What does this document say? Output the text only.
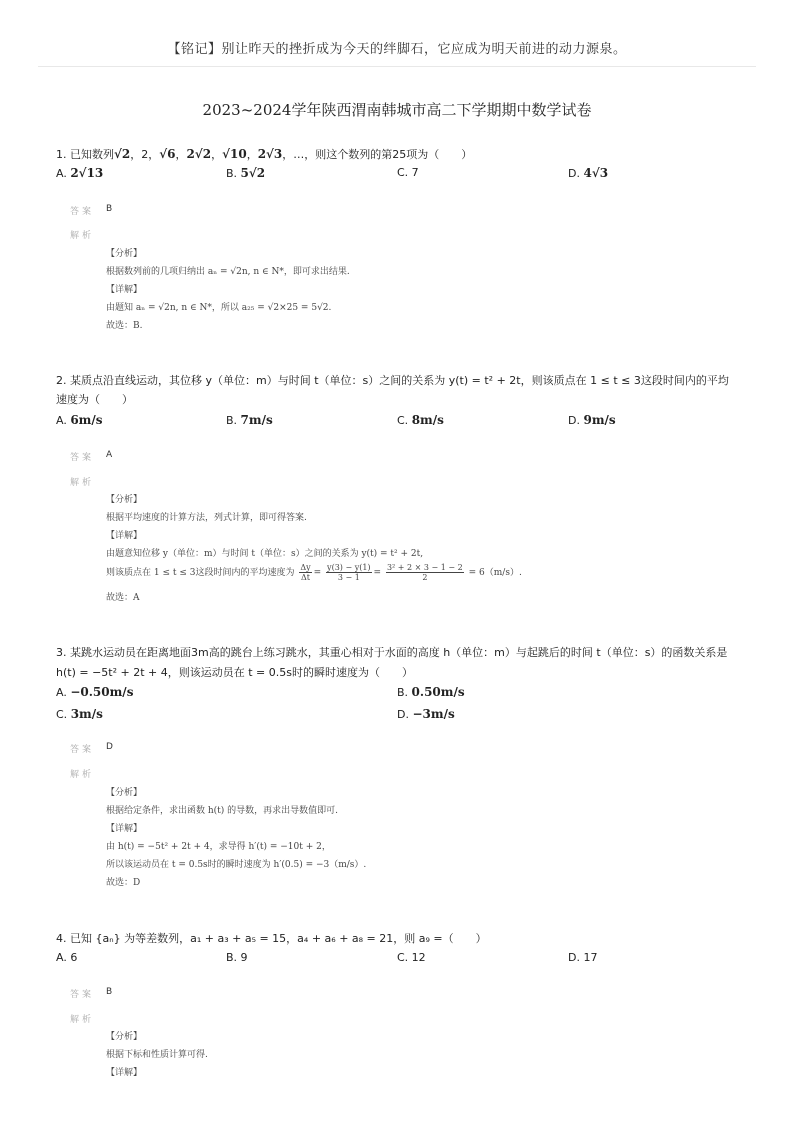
【铭记】别让昨天的挫折成为今天的绊脚石，它应成为明天前进的动力源泉。
2023~2024学年陕西渭南韩城市高二下学期期中数学试卷
1. 已知数列√2，2，√6，2√2，√10，2√3，…，则这个数列的第25项为（　　）
A. 2√13	B. 5√2	C. 7	D. 4√3
答案 B
解析
【分析】
根据数列前的几项归纳出 aₙ = √2n, n ∈ N*，即可求出结果.
【详解】
由题知 aₙ = √2n, n ∈ N*，所以 a₂₅ = √2×25 = 5√2.
故选：B.
2. 某质点沿直线运动，其位移 y（单位：m）与时间 t（单位：s）之间的关系为 y(t) = t² + 2t，则该质点在 1 ≤ t ≤ 3这段时间内的平均
速度为（　　）
A. 6m/s	B. 7m/s	C. 8m/s	D. 9m/s
答案 A
解析
【分析】
根据平均速度的计算方法，列式计算，即可得答案.
【详解】
由题意知位移 y（单位：m）与时间 t（单位：s）之间的关系为 y(t) = t² + 2t,
则该质点在 1 ≤ t ≤ 3这段时间内的平均速度为 $\frac{\Delta y}{\Delta t} = \frac{y(3) - y(1)}{3 - 1} = \frac{\text{3² + 2 × 3 − 1 − 2}}{2} = 6(m/s)$.
故选：A
3. 某跳水运动员在距离地面3m高的跳台上练习跳水，其重心相对于水面的高度 h（单位：m）与起跳后的时间 t（单位：s）的函数关系是
h(t) = −5t² + 2t + 4，则该运动员在 t = 0.5s时的瞬时速度为（　　）
A. −0.50m/s	B. 0.50m/s
C. 3m/s	D. −3m/s
答案 D
解析
【分析】
根据给定条件，求出函数 h(t) 的导数，再求出导数值即可.
【详解】
由 h(t) = −5t² + 2t + 4，求导得 h′(t) = −10t + 2，
所以该运动员在 t = 0.5s时的瞬时速度为 h′(0.5) = −3（m/s）.
故选：D
4. 已知 {aₙ} 为等差数列，a₁ + a₃ + a₅ = 15，a₄ + a₆ + a₈ = 21，则 a₉ =（　　）
A. 6	B. 9	C. 12	D. 17
答案 B
解析
【分析】
根据下标和性质计算可得.
【详解】
